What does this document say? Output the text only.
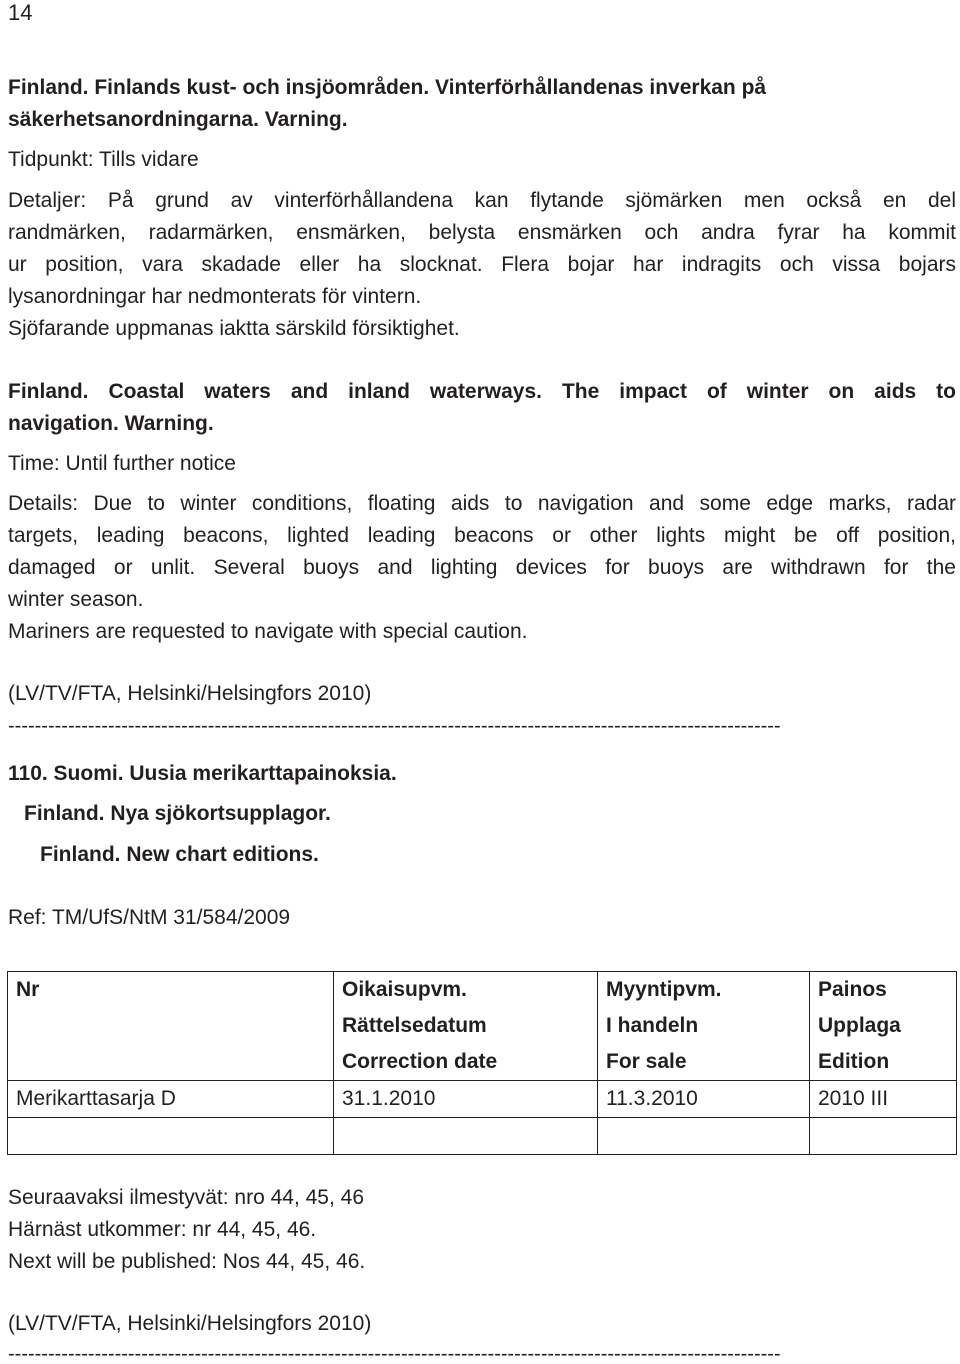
14
Finland. Finlands kust- och insjöområden. Vinterförhållandenas inverkan på säkerhetsanordningarna. Varning.
Tidpunkt: Tills vidare
Detaljer: På grund av vinterförhållandena kan flytande sjömärken men också en del
randmärken, radarmärken, ensmärken, belysta ensmärken och andra fyrar ha kommit
ur position, vara skadade eller ha slocknat. Flera bojar har indragits och vissa bojars
lysanordningar har nedmonterats för vintern.
Sjöfarande uppmanas iaktta särskild försiktighet.
Finland. Coastal waters and inland waterways. The impact of winter on aids to
navigation. Warning.
Time: Until further notice
Details: Due to winter conditions, floating aids to navigation and some edge marks, radar
targets, leading beacons, lighted leading beacons or other lights might be off position,
damaged or unlit. Several buoys and lighting devices for buoys are withdrawn for the
winter season.
Mariners are requested to navigate with special caution.
(LV/TV/FTA, Helsinki/Helsingfors 2010)
--------------------------------------------------------------------------------------------------------------------
110. Suomi. Uusia merikarttapainoksia.
Finland. Nya sjökortsupplagor.
Finland. New chart editions.
Ref: TM/UfS/NtM 31/584/2009
Nr	Oikaisupvm.	Myyntipvm.	Painos
	Rättelsedatum	I handeln	Upplaga
	Correction date	For sale	Edition
Merikarttasarja D	31.1.2010	11.3.2010	2010 III

Seuraavaksi ilmestyvät: nro 44, 45, 46
Härnäst utkommer: nr 44, 45, 46.
Next will be published: Nos 44, 45, 46.
(LV/TV/FTA, Helsinki/Helsingfors 2010)
--------------------------------------------------------------------------------------------------------------------
